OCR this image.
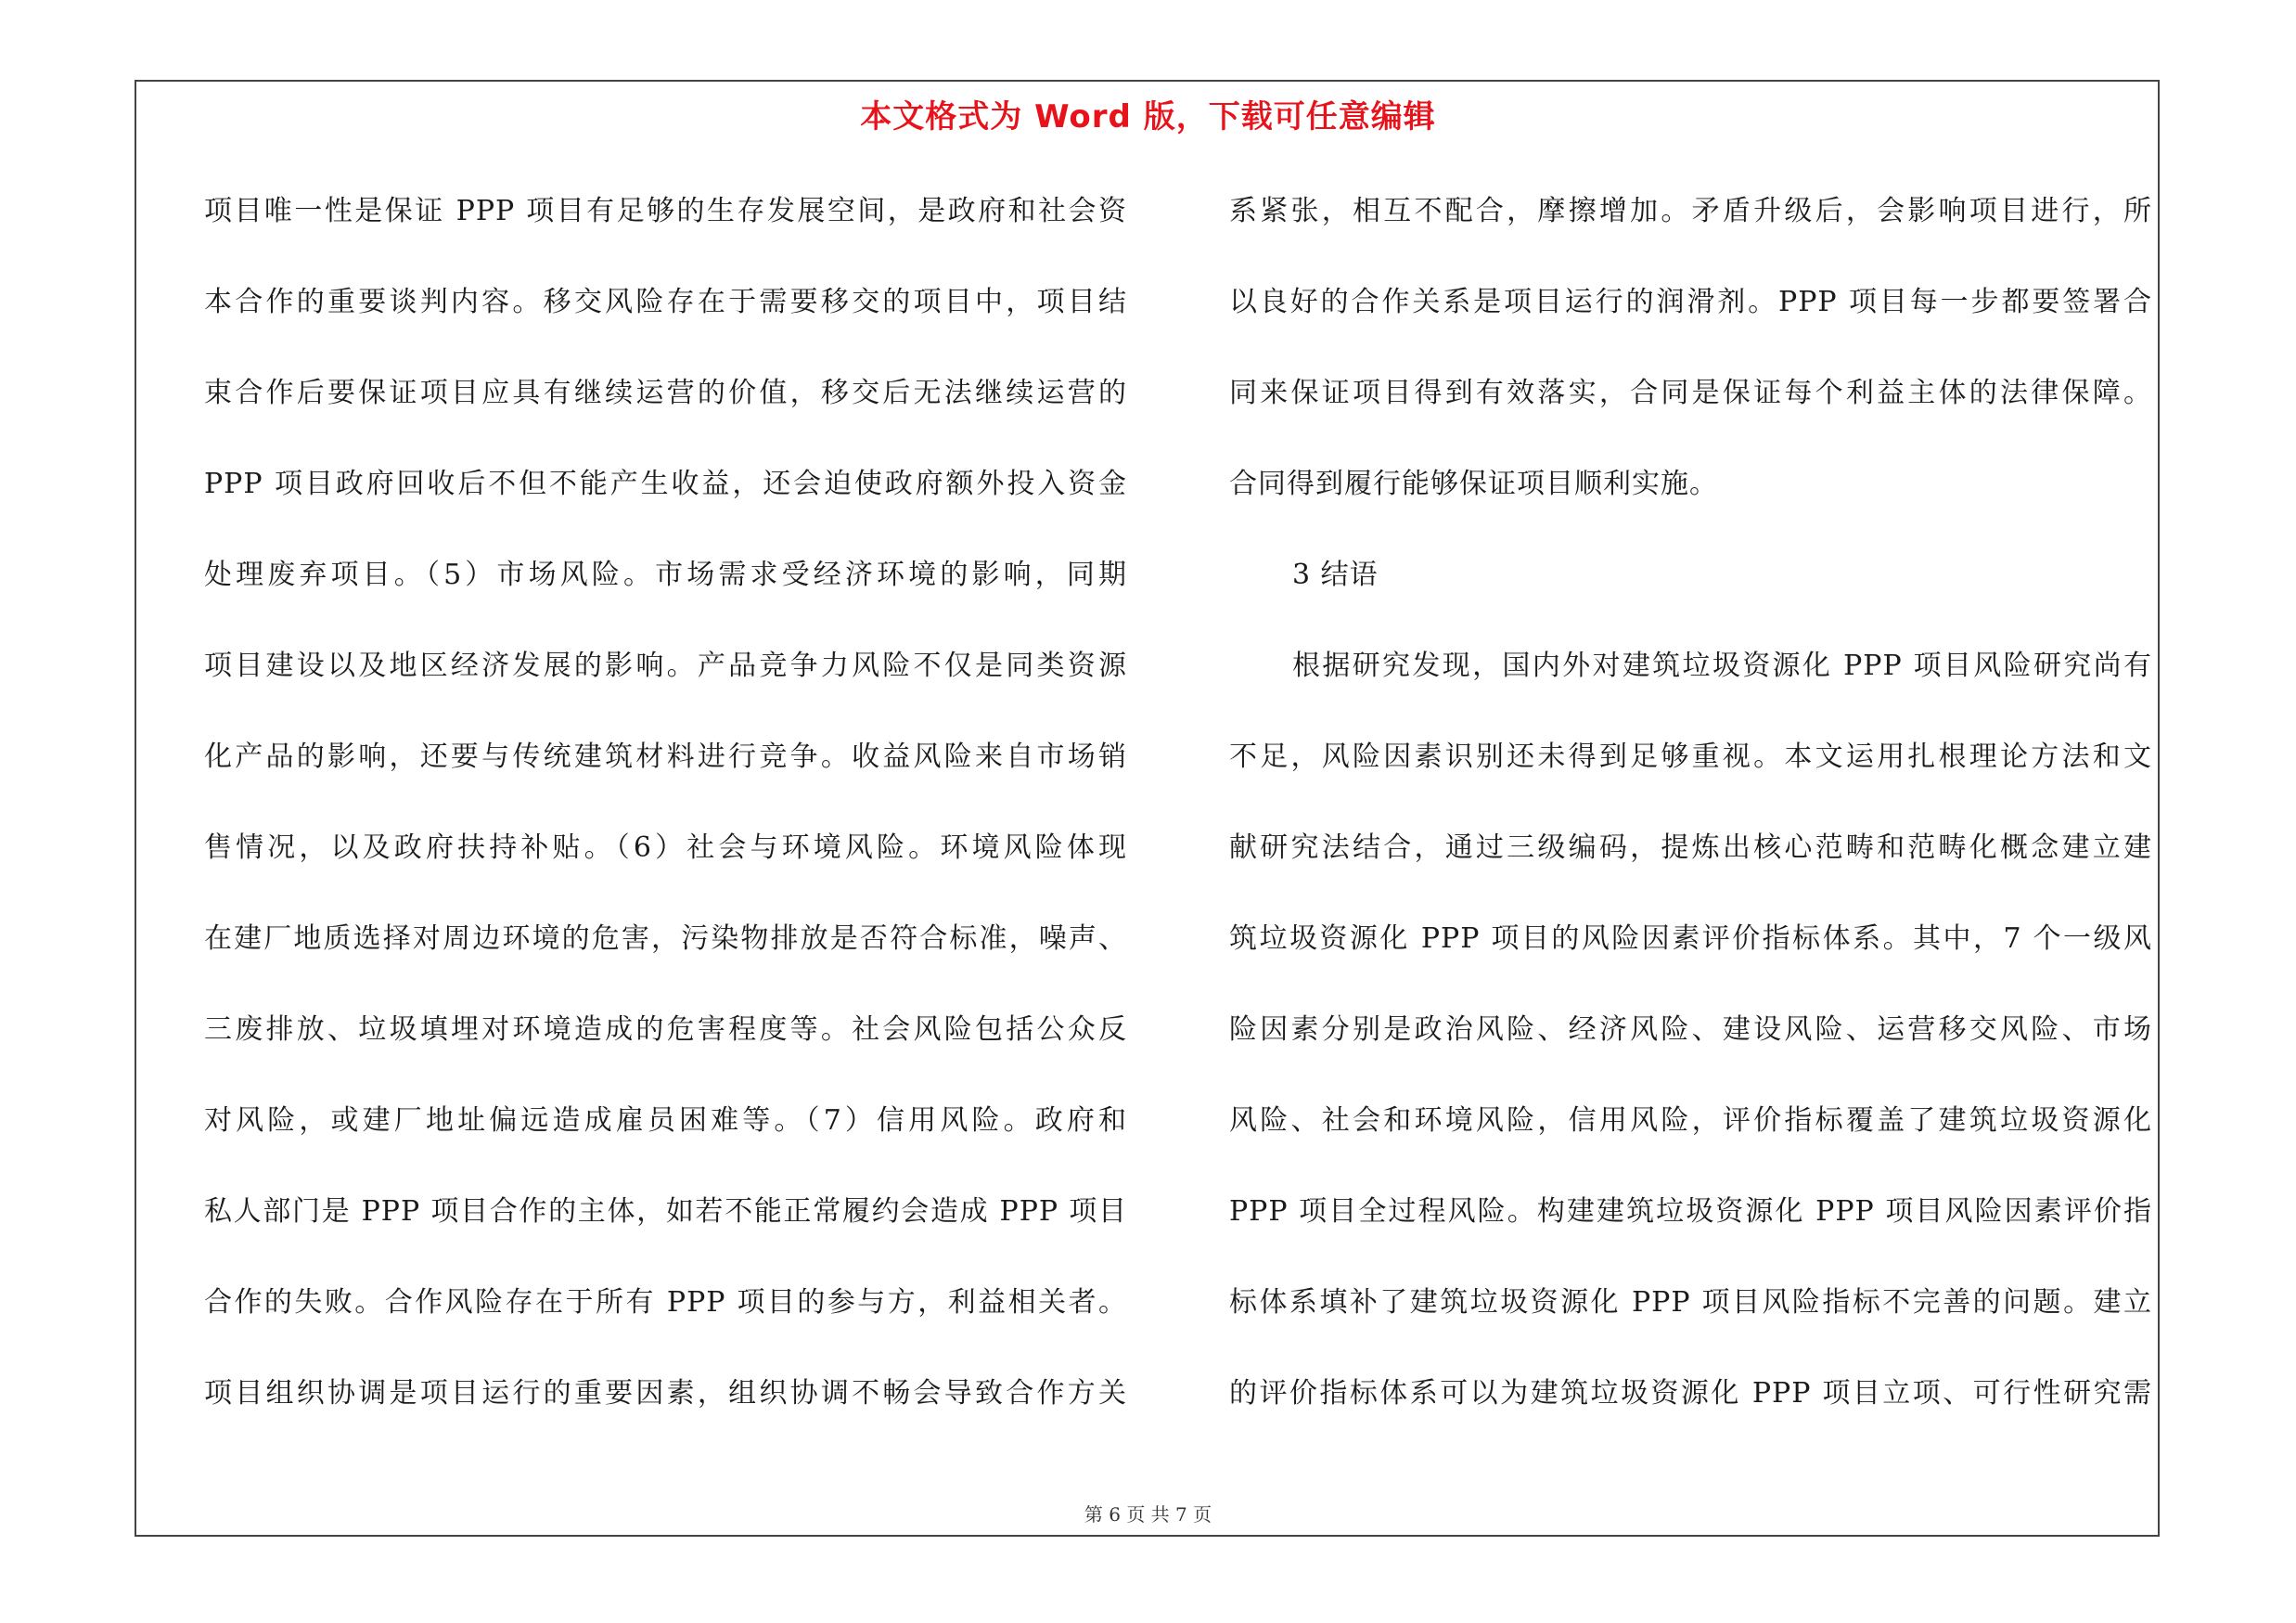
本文格式为 Word 版，下载可任意编辑
项目唯一性是保证 PPP 项目有足够的生存发展空间，是政府和社会资
本合作的重要谈判内容。移交风险存在于需要移交的项目中，项目结
束合作后要保证项目应具有继续运营的价值，移交后无法继续运营的
PPP 项目政府回收后不但不能产生收益，还会迫使政府额外投入资金
处理废弃项目。（5）市场风险。市场需求受经济环境的影响，同期
项目建设以及地区经济发展的影响。产品竞争力风险不仅是同类资源
化产品的影响，还要与传统建筑材料进行竞争。收益风险来自市场销
售情况，以及政府扶持补贴。（6）社会与环境风险。环境风险体现
在建厂地质选择对周边环境的危害，污染物排放是否符合标准，噪声、
三废排放、垃圾填埋对环境造成的危害程度等。社会风险包括公众反
对风险，或建厂地址偏远造成雇员困难等。（7）信用风险。政府和
私人部门是 PPP 项目合作的主体，如若不能正常履约会造成 PPP 项目
合作的失败。合作风险存在于所有 PPP 项目的参与方，利益相关者。
项目组织协调是项目运行的重要因素，组织协调不畅会导致合作方关
系紧张，相互不配合，摩擦增加。矛盾升级后，会影响项目进行，所
以良好的合作关系是项目运行的润滑剂。PPP 项目每一步都要签署合
同来保证项目得到有效落实，合同是保证每个利益主体的法律保障。
合同得到履行能够保证项目顺利实施。
3 结语
根据研究发现，国内外对建筑垃圾资源化 PPP 项目风险研究尚有
不足，风险因素识别还未得到足够重视。本文运用扎根理论方法和文
献研究法结合，通过三级编码，提炼出核心范畴和范畴化概念建立建
筑垃圾资源化 PPP 项目的风险因素评价指标体系。其中，7 个一级风
险因素分别是政治风险、经济风险、建设风险、运营移交风险、市场
风险、社会和环境风险，信用风险，评价指标覆盖了建筑垃圾资源化
PPP 项目全过程风险。构建建筑垃圾资源化 PPP 项目风险因素评价指
标体系填补了建筑垃圾资源化 PPP 项目风险指标不完善的问题。建立
的评价指标体系可以为建筑垃圾资源化 PPP 项目立项、可行性研究需
第 6 页 共 7 页
